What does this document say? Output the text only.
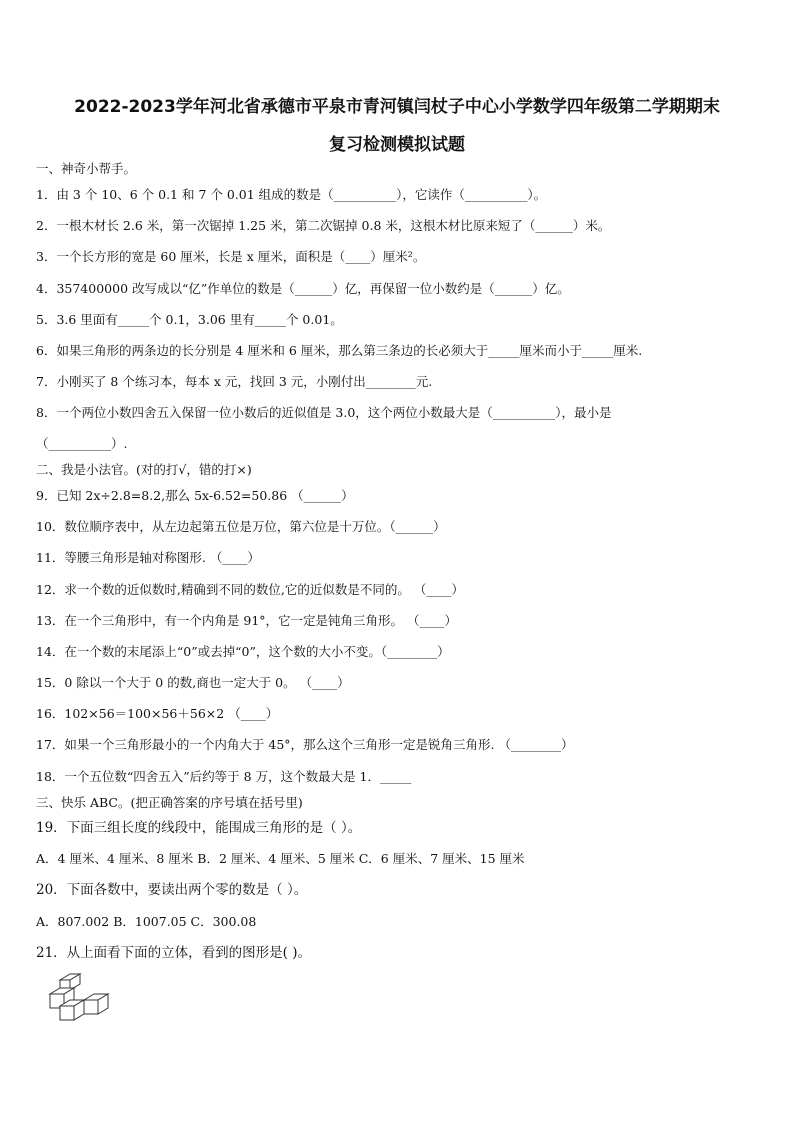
2022-2023学年河北省承德市平泉市青河镇闫杖子中心小学数学四年级第二学期期末
复习检测模拟试题
一、神奇小帮手。
1．由 3 个 10、6 个 0.1 和 7 个 0.01 组成的数是（__________），它读作（__________）。
2．一根木材长 2.6 米，第一次锯掉 1.25 米，第二次锯掉 0.8 米，这根木材比原来短了（______）米。
3．一个长方形的宽是 60 厘米，长是 x 厘米，面积是（____）厘米²。
4．357400000 改写成以“亿”作单位的数是（______）亿，再保留一位小数约是（______）亿。
5．3.6 里面有_____个 0.1，3.06 里有_____个 0.01。
6．如果三角形的两条边的长分别是 4 厘米和 6 厘米，那么第三条边的长必须大于_____厘米而小于_____厘米.
7．小刚买了 8 个练习本，每本 x 元，找回 3 元，小刚付出________元.
8．一个两位小数四舍五入保留一位小数后的近似值是 3.0，这个两位小数最大是（__________），最小是
（__________）.
二、我是小法官。(对的打√，错的打×)
9．已知 2x÷2.8=8.2,那么 5x-6.52=50.86 （______）
10．数位顺序表中，从左边起第五位是万位，第六位是十万位。（______）
11．等腰三角形是轴对称图形. （____）
12．求一个数的近似数时,精确到不同的数位,它的近似数是不同的。 （____）
13．在一个三角形中，有一个内角是 91°，它一定是钝角三角形。 （____）
14．在一个数的末尾添上“0”或去掉“0”，这个数的大小不变。（________）
15．0 除以一个大于 0 的数,商也一定大于 0。 （____）
16．102×56＝100×56＋56×2 （____）
17．如果一个三角形最小的一个内角大于 45°，那么这个三角形一定是锐角三角形. （________）
18．一个五位数“四舍五入”后约等于 8 万，这个数最大是 1．_____
三、快乐 ABC。(把正确答案的序号填在括号里)
19．下面三组长度的线段中，能围成三角形的是（ ）。
A．4 厘米、4 厘米、8 厘米 B．2 厘米、4 厘米、5 厘米 C．6 厘米、7 厘米、15 厘米
20．下面各数中，要读出两个零的数是（ ）。
A．807.002 B．1007.05 C．300.08
21．从上面看下面的立体，看到的图形是( )。
